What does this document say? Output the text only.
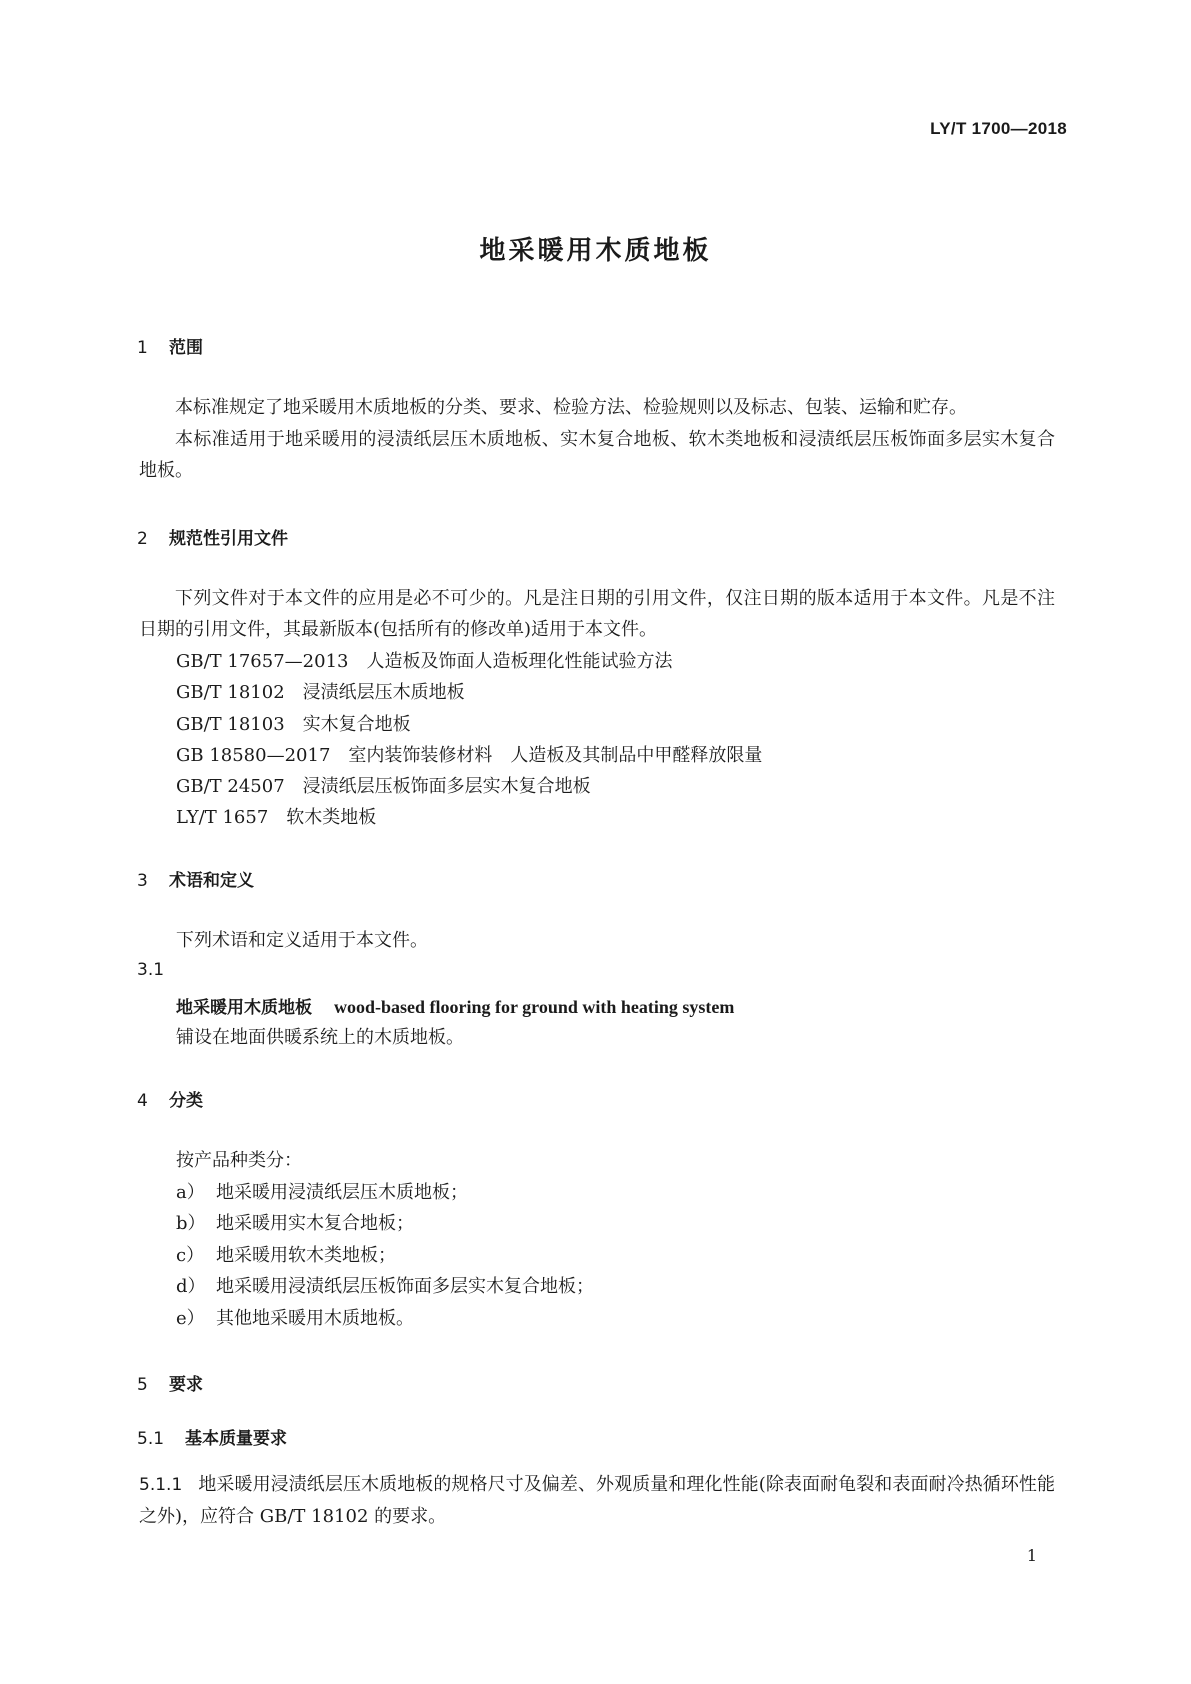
LY/T 1700—2018
地采暖用木质地板
1 范围
本标准规定了地采暖用木质地板的分类、要求、检验方法、检验规则以及标志、包装、运输和贮存。
本标准适用于地采暖用的浸渍纸层压木质地板、实木复合地板、软木类地板和浸渍纸层压板饰面多层实木复合地板。
2 规范性引用文件
下列文件对于本文件的应用是必不可少的。凡是注日期的引用文件，仅注日期的版本适用于本文件。凡是不注日期的引用文件，其最新版本(包括所有的修改单)适用于本文件。
GB/T 17657—2013 人造板及饰面人造板理化性能试验方法
GB/T 18102 浸渍纸层压木质地板
GB/T 18103 实木复合地板
GB 18580—2017 室内装饰装修材料　人造板及其制品中甲醛释放限量
GB/T 24507 浸渍纸层压板饰面多层实木复合地板
LY/T 1657 软木类地板
3 术语和定义
下列术语和定义适用于本文件。
3.1
地采暖用木质地板 wood-based flooring for ground with heating system
铺设在地面供暖系统上的木质地板。
4 分类
按产品种类分：
a） 地采暖用浸渍纸层压木质地板；
b） 地采暖用实木复合地板；
c） 地采暖用软木类地板；
d） 地采暖用浸渍纸层压板饰面多层实木复合地板；
e） 其他地采暖用木质地板。
5 要求
5.1 基本质量要求
5.1.1 地采暖用浸渍纸层压木质地板的规格尺寸及偏差、外观质量和理化性能(除表面耐龟裂和表面耐冷热循环性能之外)，应符合 GB/T 18102 的要求。
1
